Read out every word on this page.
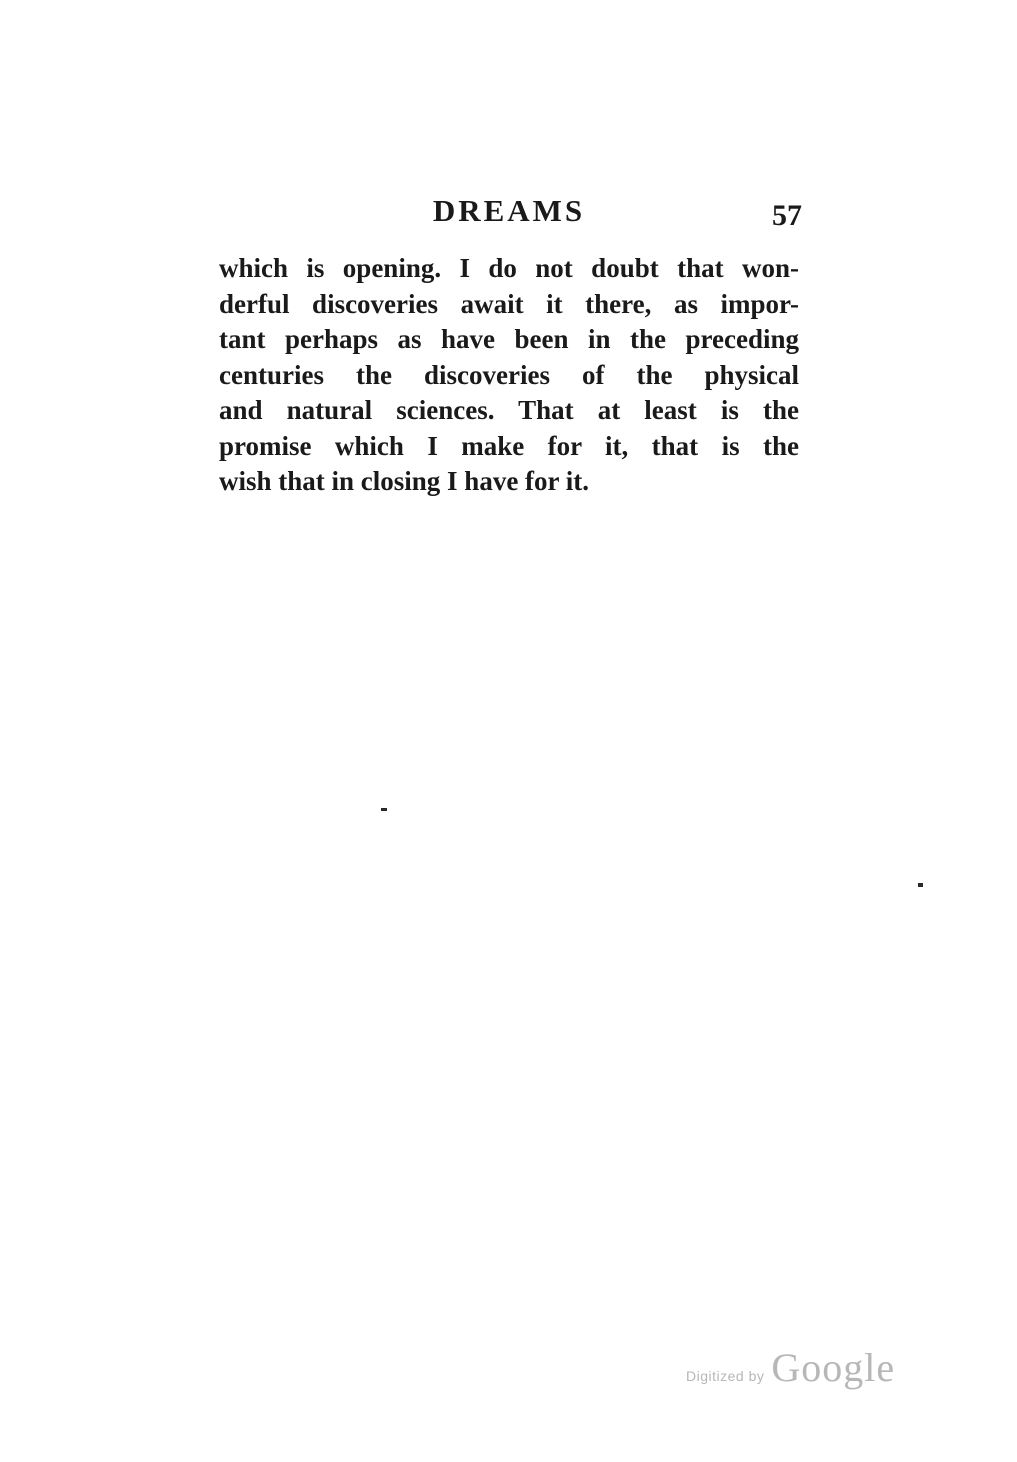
DREAMS	57
which is opening. I do not doubt that won-
derful discoveries await it there, as impor-
tant perhaps as have been in the preceding
centuries the discoveries of the physical
and natural sciences. That at least is the
promise which I make for it, that is the
wish that in closing I have for it.
Digitized by Google
